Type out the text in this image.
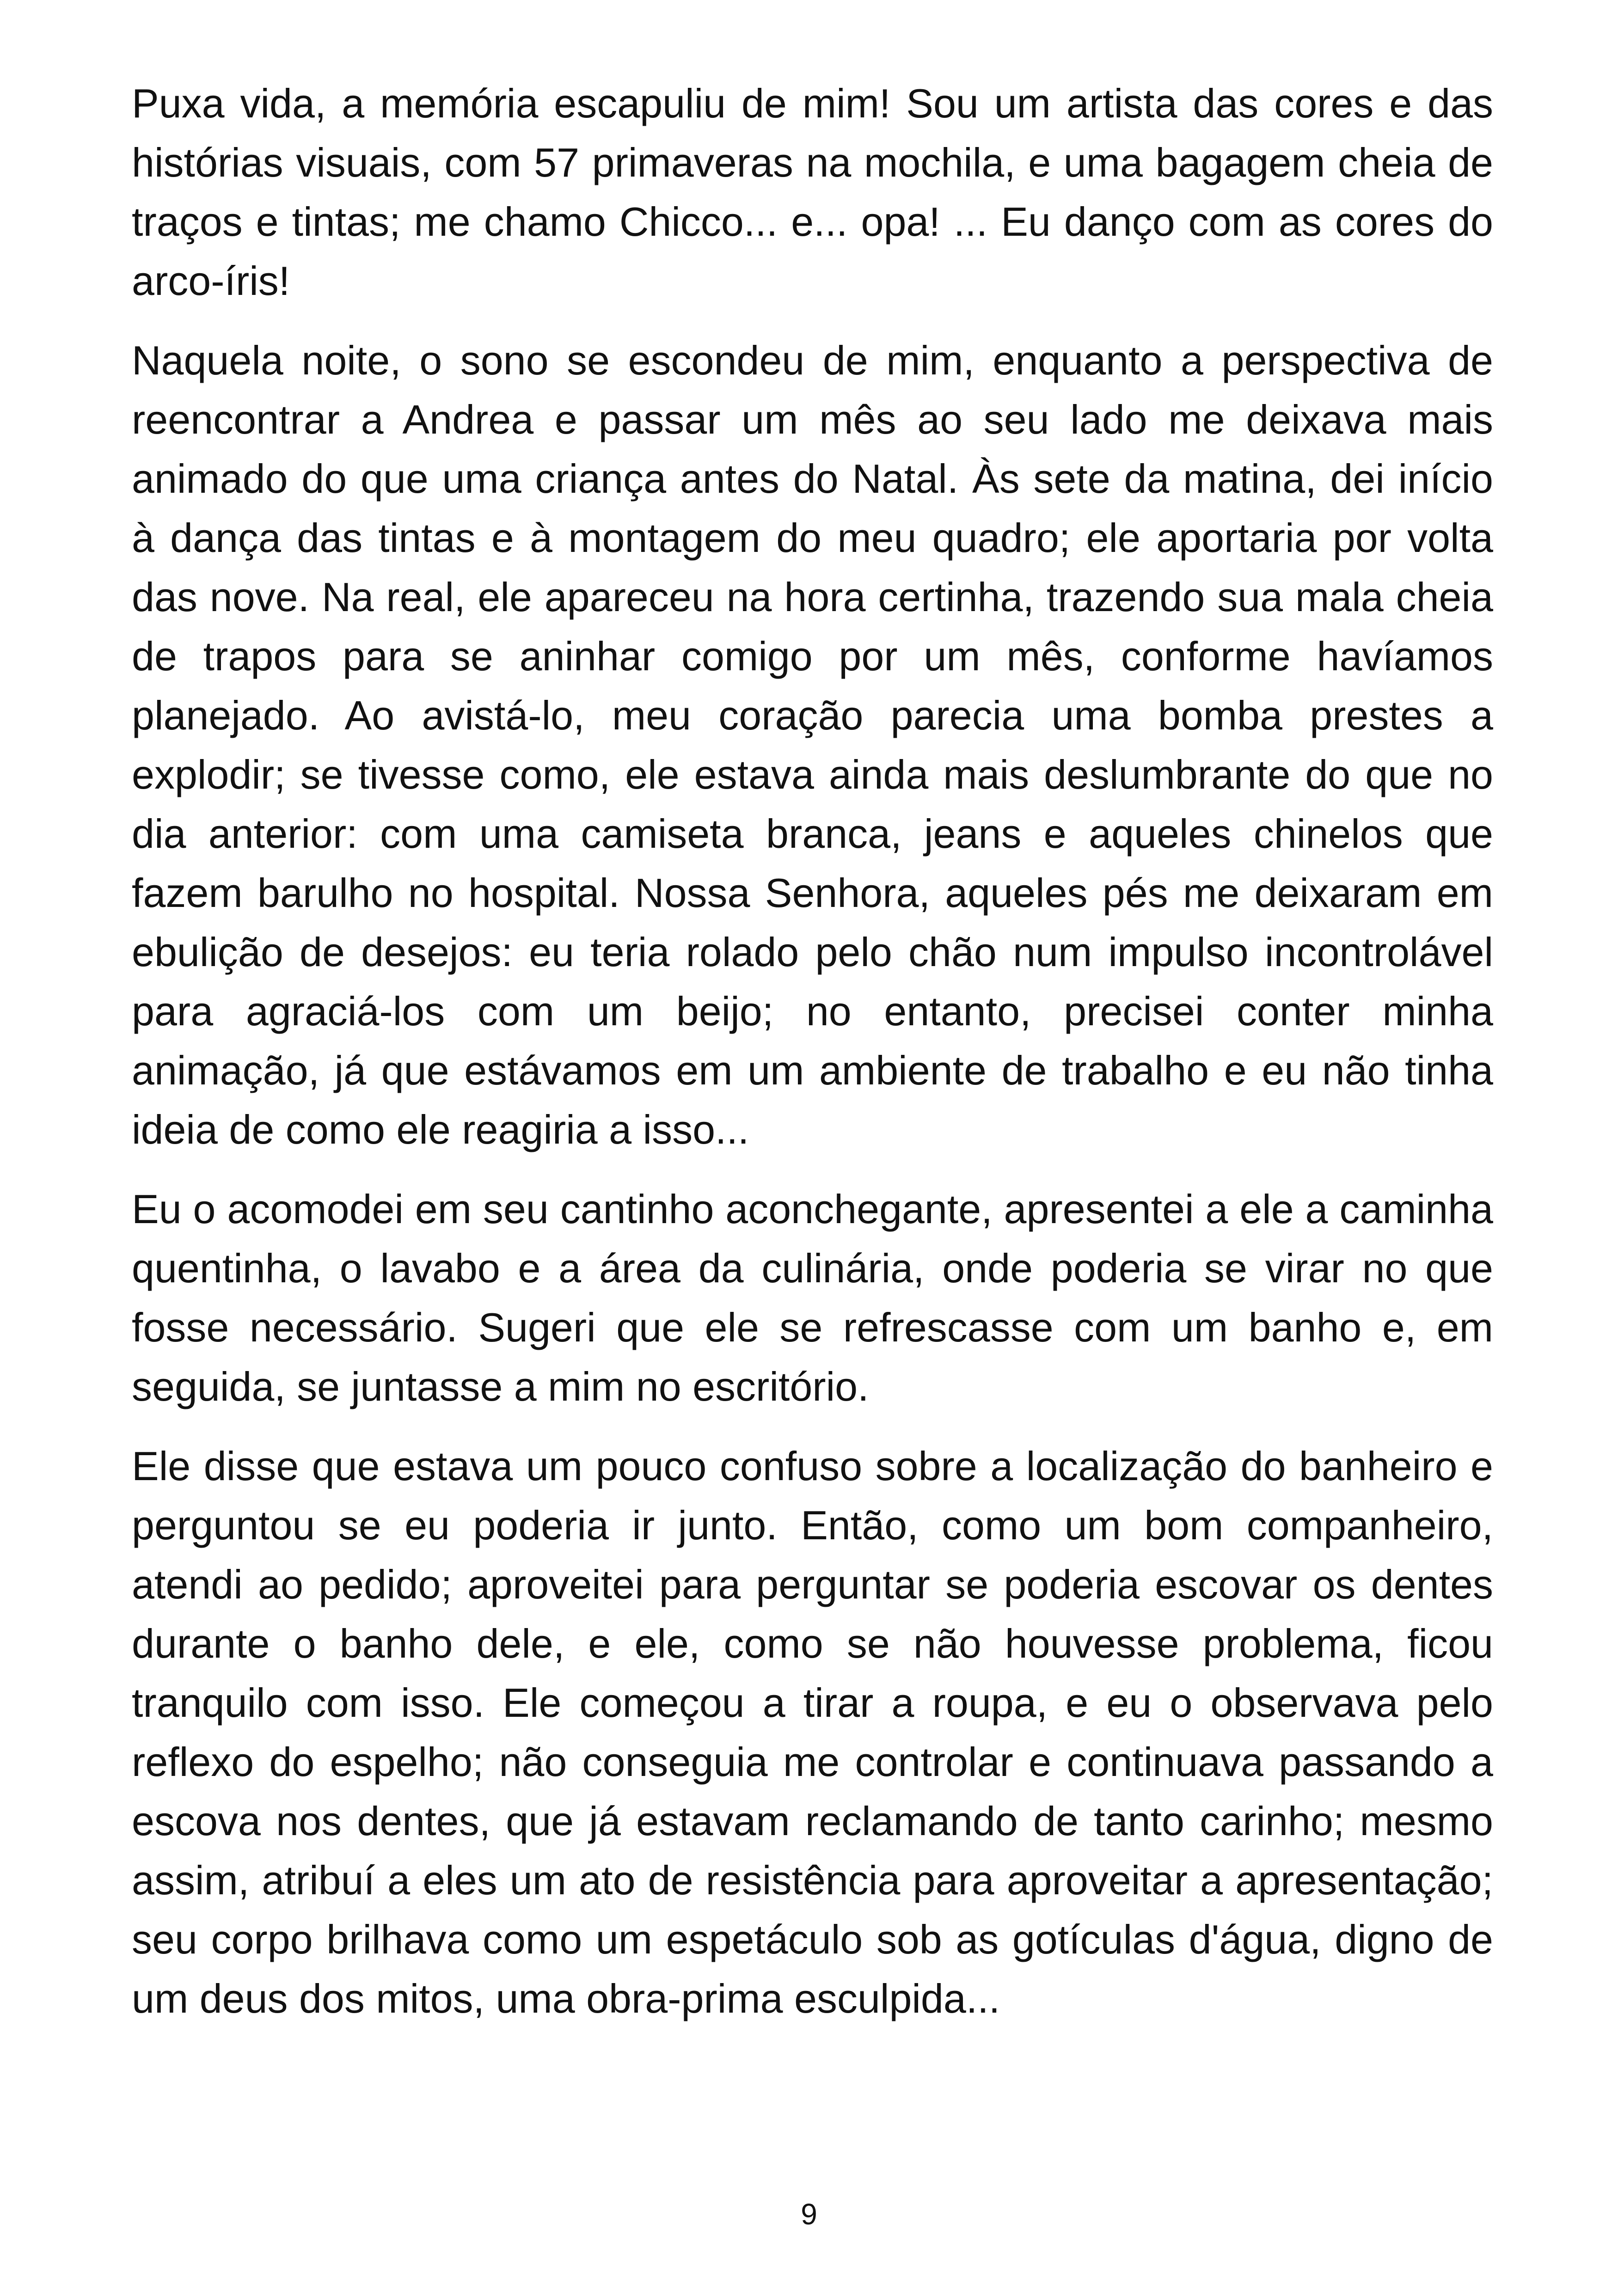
Puxa vida, a memória escapuliu de mim! Sou um artista das cores e das histórias visuais, com 57 primaveras na mochila, e uma bagagem cheia de traços e tintas; me chamo Chicco... e... opa! ... Eu danço com as cores do arco-íris!

Naquela noite, o sono se escondeu de mim, enquanto a perspectiva de reencontrar a Andrea e passar um mês ao seu lado me deixava mais animado do que uma criança antes do Natal. Às sete da matina, dei início à dança das tintas e à montagem do meu quadro; ele aportaria por volta das nove. Na real, ele apareceu na hora certinha, trazendo sua mala cheia de trapos para se aninhar comigo por um mês, conforme havíamos planejado. Ao avistá-lo, meu coração parecia uma bomba prestes a explodir; se tivesse como, ele estava ainda mais deslumbrante do que no dia anterior: com uma camiseta branca, jeans e aqueles chinelos que fazem barulho no hospital. Nossa Senhora, aqueles pés me deixaram em ebulição de desejos: eu teria rolado pelo chão num impulso incontrolável para agraciá-los com um beijo; no entanto, precisei conter minha animação, já que estávamos em um ambiente de trabalho e eu não tinha ideia de como ele reagiria a isso...

Eu o acomodei em seu cantinho aconchegante, apresentei a ele a caminha quentinha, o lavabo e a área da culinária, onde poderia se virar no que fosse necessário. Sugeri que ele se refrescasse com um banho e, em seguida, se juntasse a mim no escritório.

Ele disse que estava um pouco confuso sobre a localização do banheiro e perguntou se eu poderia ir junto. Então, como um bom companheiro, atendi ao pedido; aproveitei para perguntar se poderia escovar os dentes durante o banho dele, e ele, como se não houvesse problema, ficou tranquilo com isso. Ele começou a tirar a roupa, e eu o observava pelo reflexo do espelho; não conseguia me controlar e continuava passando a escova nos dentes, que já estavam reclamando de tanto carinho; mesmo assim, atribuí a eles um ato de resistência para aproveitar a apresentação; seu corpo brilhava como um espetáculo sob as gotículas d'água, digno de um deus dos mitos, uma obra-prima esculpida...

9
